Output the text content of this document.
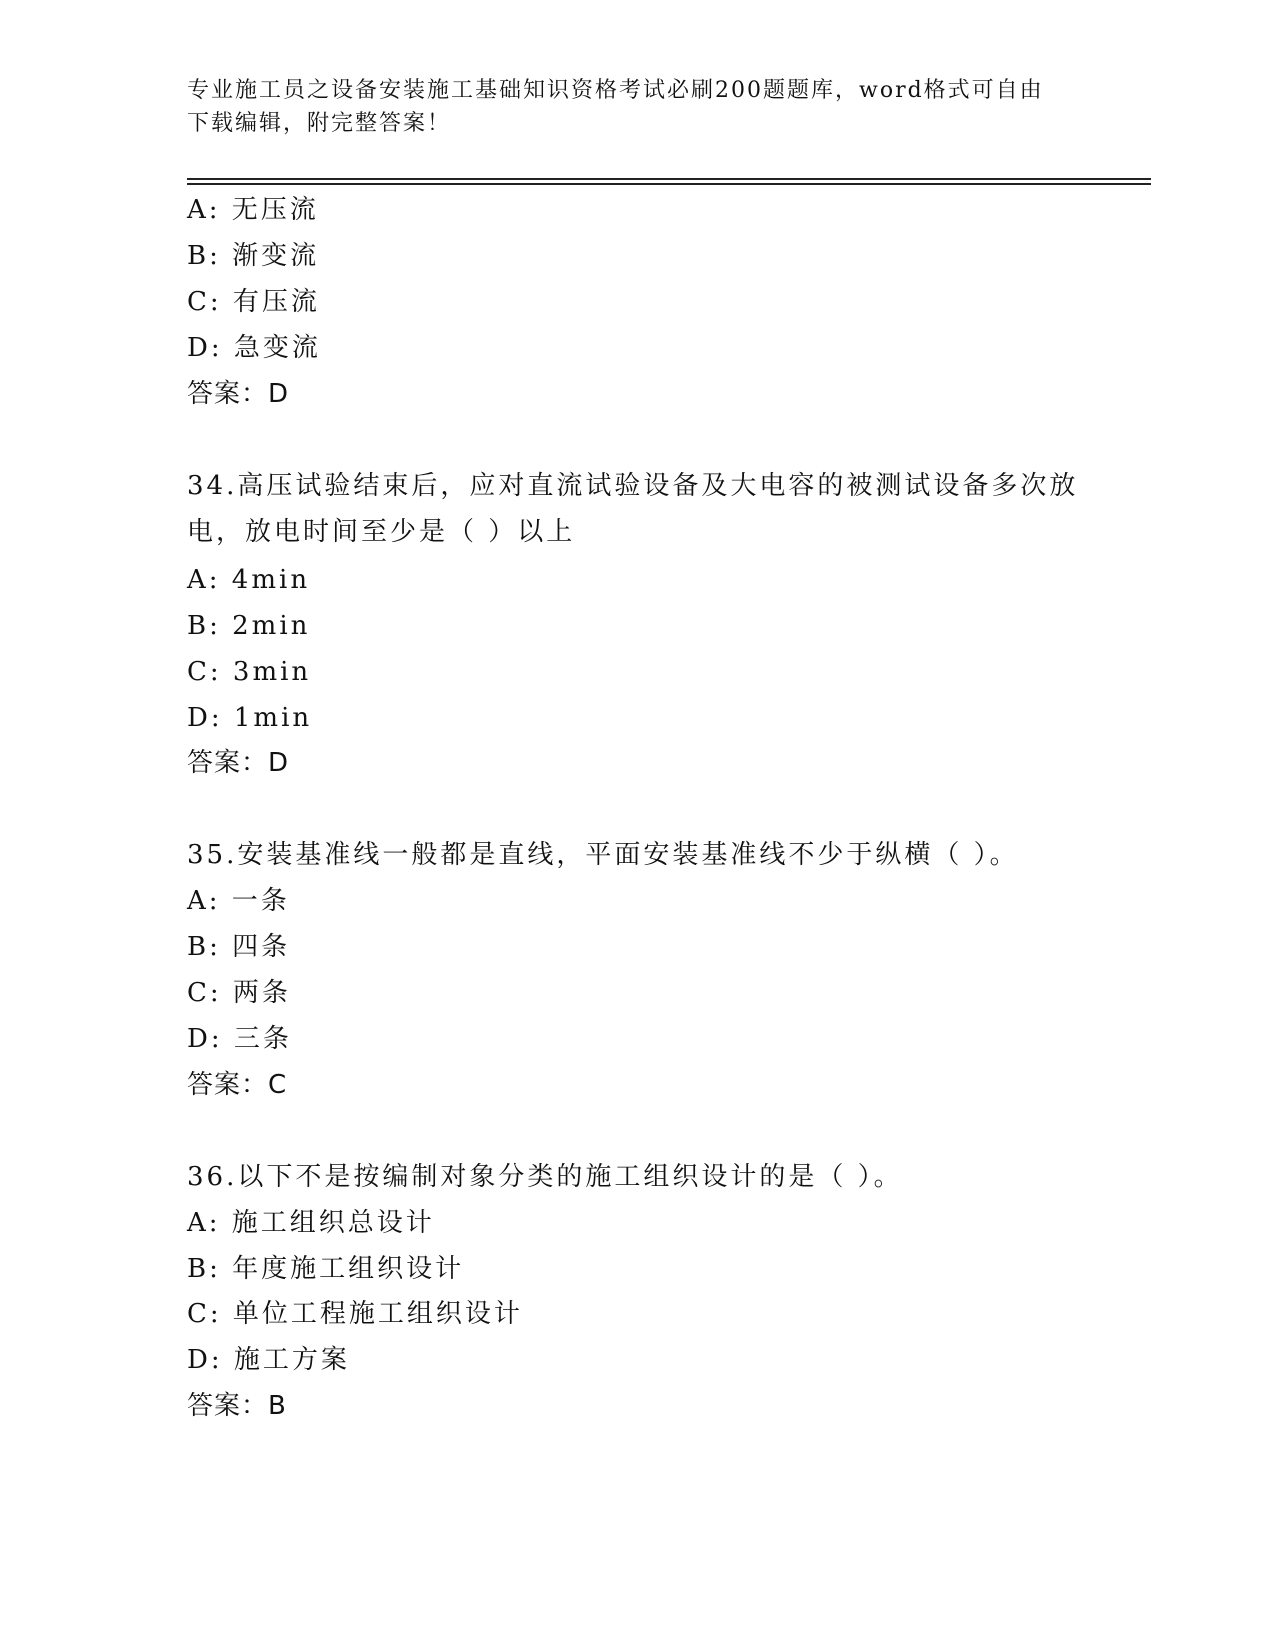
专业施工员之设备安装施工基础知识资格考试必刷200题题库，word格式可自由下载编辑，附完整答案！
A: 无压流
B: 渐变流
C: 有压流
D: 急变流
答案：D
34.高压试验结束后，应对直流试验设备及大电容的被测试设备多次放电，放电时间至少是（ ）以上
A: 4min
B: 2min
C: 3min
D: 1min
答案：D
35.安装基准线一般都是直线，平面安装基准线不少于纵横（ ）。
A: 一条
B: 四条
C: 两条
D: 三条
答案：C
36.以下不是按编制对象分类的施工组织设计的是（ ）。
A: 施工组织总设计
B: 年度施工组织设计
C: 单位工程施工组织设计
D: 施工方案
答案：B
